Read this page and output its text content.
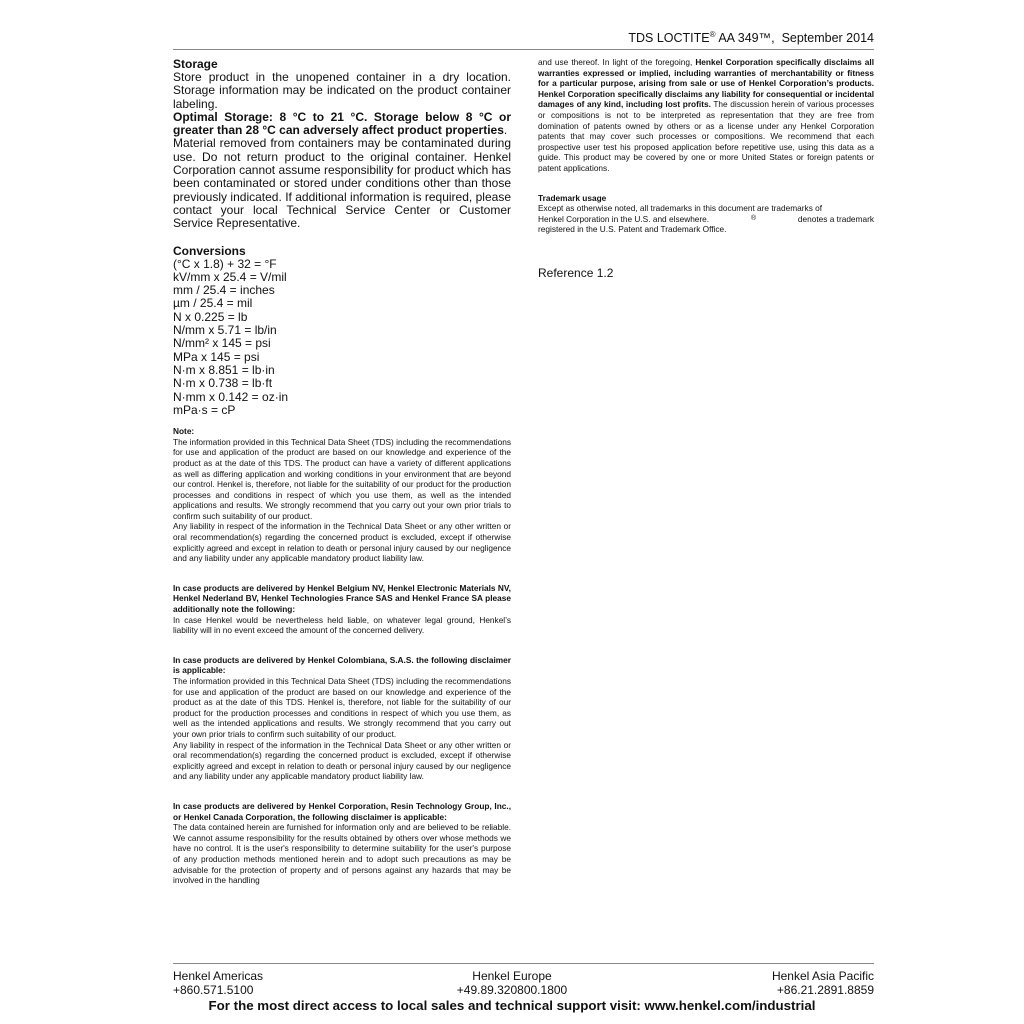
TDS LOCTITE® AA 349™, September 2014

Storage

Store product in the unopened container in a dry location. Storage information may be indicated on the product container labeling.

Optimal Storage: 8 °C to 21 °C. Storage below 8 °C or greater than 28 °C can adversely affect product properties.

Material removed from containers may be contaminated during use. Do not return product to the original container. Henkel Corporation cannot assume responsibility for product which has been contaminated or stored under conditions other than those previously indicated. If additional information is required, please contact your local Technical Service Center or Customer Service Representative.

Conversions

(°C x 1.8) + 32 = °F
kV/mm x 25.4 = V/mil
mm / 25.4 = inches
µm / 25.4 = mil
N x 0.225 = lb
N/mm x 5.71 = lb/in
N/mm² x 145 = psi
MPa x 145 = psi
N·m x 8.851 = lb·in
N·m x 0.738 = lb·ft
N·mm x 0.142 = oz·in
mPa·s = cP

Note:

The information provided in this Technical Data Sheet (TDS) including the recommendations for use and application of the product are based on our knowledge and experience of the product as at the date of this TDS. The product can have a variety of different applications as well as differing application and working conditions in your environment that are beyond our control. Henkel is, therefore, not liable for the suitability of our product for the production processes and conditions in respect of which you use them, as well as the intended applications and results. We strongly recommend that you carry out your own prior trials to confirm such suitability of our product.

Any liability in respect of the information in the Technical Data Sheet or any other written or oral recommendation(s) regarding the concerned product is excluded, except if otherwise explicitly agreed and except in relation to death or personal injury caused by our negligence and any liability under any applicable mandatory product liability law.

In case products are delivered by Henkel Belgium NV, Henkel Electronic Materials NV, Henkel Nederland BV, Henkel Technologies France SAS and Henkel France SA please additionally note the following:

In case Henkel would be nevertheless held liable, on whatever legal ground, Henkel’s liability will in no event exceed the amount of the concerned delivery.

In case products are delivered by Henkel Colombiana, S.A.S. the following disclaimer is applicable:

The information provided in this Technical Data Sheet (TDS) including the recommendations for use and application of the product are based on our knowledge and experience of the product as at the date of this TDS. Henkel is, therefore, not liable for the suitability of our product for the production processes and conditions in respect of which you use them, as well as the intended applications and results. We strongly recommend that you carry out your own prior trials to confirm such suitability of our product.

Any liability in respect of the information in the Technical Data Sheet or any other written or oral recommendation(s) regarding the concerned product is excluded, except if otherwise explicitly agreed and except in relation to death or personal injury caused by our negligence and any liability under any applicable mandatory product liability law.

In case products are delivered by Henkel Corporation, Resin Technology Group, Inc., or Henkel Canada Corporation, the following disclaimer is applicable:

The data contained herein are furnished for information only and are believed to be reliable. We cannot assume responsibility for the results obtained by others over whose methods we have no control. It is the user's responsibility to determine suitability for the user's purpose of any production methods mentioned herein and to adopt such precautions as may be advisable for the protection of property and of persons against any hazards that may be involved in the handling

and use thereof. In light of the foregoing, Henkel Corporation specifically disclaims all warranties expressed or implied, including warranties of merchantability or fitness for a particular purpose, arising from sale or use of Henkel Corporation’s products. Henkel Corporation specifically disclaims any liability for consequential or incidental damages of any kind, including lost profits. The discussion herein of various processes or compositions is not to be interpreted as representation that they are free from domination of patents owned by others or as a license under any Henkel Corporation patents that may cover such processes or compositions. We recommend that each prospective user test his proposed application before repetitive use, using this data as a guide. This product may be covered by one or more United States or foreign patents or patent applications.

Trademark usage

Except as otherwise noted, all trademarks in this document are trademarks of

Henkel Corporation in the U.S. and elsewhere.	®	denotes a trademark

registered in the U.S. Patent and Trademark Office.

Reference 1.2

Henkel Americas
+860.571.5100
Henkel Europe
+49.89.320800.1800
Henkel Asia Pacific
+86.21.2891.8859
For the most direct access to local sales and technical support visit: www.henkel.com/industrial
